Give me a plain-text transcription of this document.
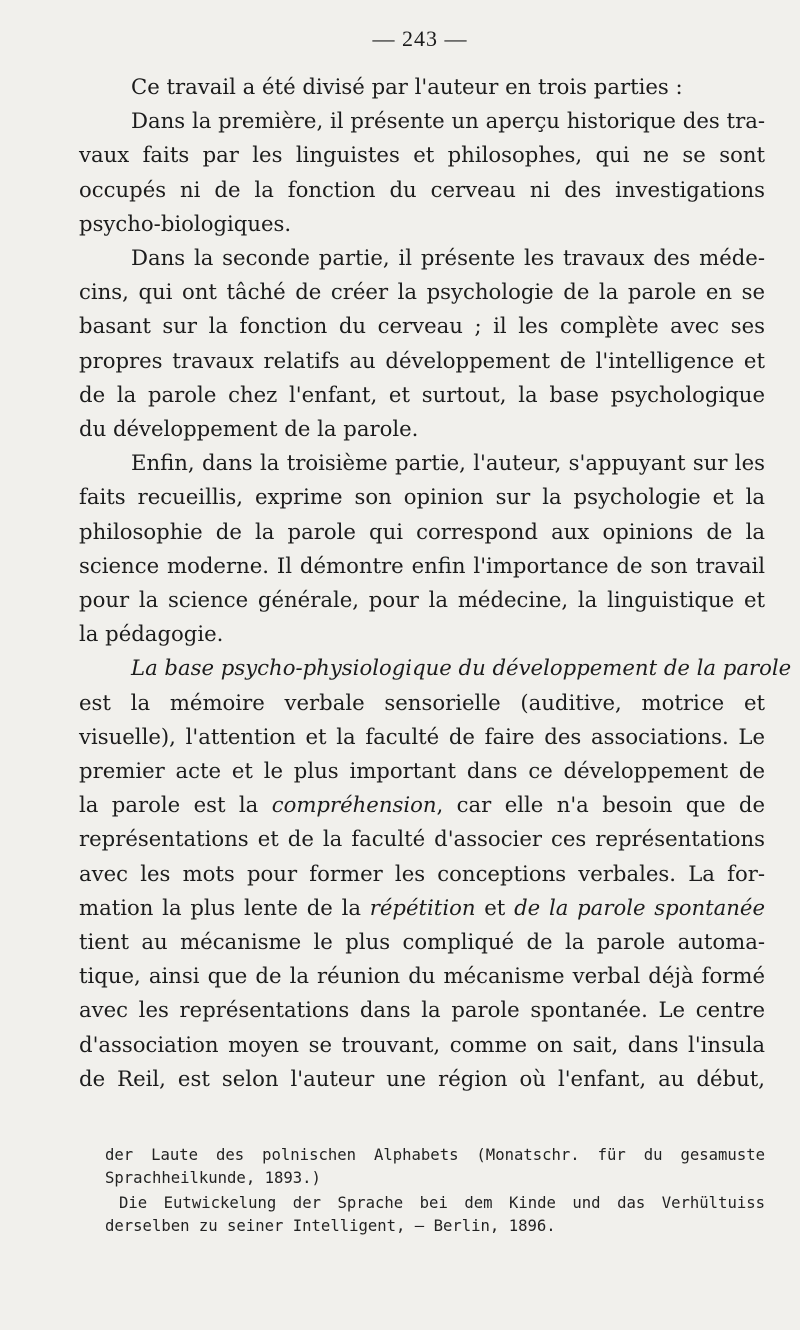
— 243 —

Ce travail a été divisé par l'auteur en trois parties :

Dans la première, il présente un aperçu historique des tra-
vaux faits par les linguistes et philosophes, qui ne se sont
occupés ni de la fonction du cerveau ni des investigations
psycho-biologiques.

Dans la seconde partie, il présente les travaux des méde-
cins, qui ont tâché de créer la psychologie de la parole en se
basant sur la fonction du cerveau ; il les complète avec ses
propres travaux relatifs au développement de l'intelligence et
de la parole chez l'enfant, et surtout, la base psychologique
du développement de la parole.

Enfin, dans la troisième partie, l'auteur, s'appuyant sur les
faits recueillis, exprime son opinion sur la psychologie et la
philosophie de la parole qui correspond aux opinions de la
science moderne. Il démontre enfin l'importance de son travail
pour la science générale, pour la médecine, la linguistique et
la pédagogie.

La base psycho-physiologique du développement de la parole
est la mémoire verbale sensorielle (auditive, motrice et
visuelle), l'attention et la faculté de faire des associations. Le
premier acte et le plus important dans ce développement de
la parole est la compréhension, car elle n'a besoin que de
représentations et de la faculté d'associer ces représentations
avec les mots pour former les conceptions verbales. La for-
mation la plus lente de la répétition et de la parole spontanée
tient au mécanisme le plus compliqué de la parole automa-
tique, ainsi que de la réunion du mécanisme verbal déjà formé
avec les représentations dans la parole spontanée. Le centre
d'association moyen se trouvant, comme on sait, dans l'insula
de Reil, est selon l'auteur une région où l'enfant, au début,

der Laute des polnischen Alphabets (Monatschr. für du gesamuste
Sprachheilkunde, 1893.)
Die Eutwickelung der Sprache bei dem Kinde und das Verhültuiss
derselben zu seiner Intelligent, — Berlin, 1896.
